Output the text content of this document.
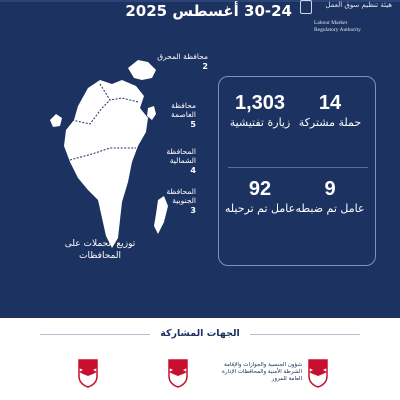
30-24 أغسطس 2025	هيئة تنظيم سوق العمل
Labour Market
Regulatory Authority
محافظة المحرق
2
محافظة العاصمة
5
المحافظة الشمالية
4
المحافظة الجنوبية
3
توزيع الحملات على المحافظات
14
حملة مشتركة
1,303
زيارة تفتيشية
9
عامل تم ضبطه
92
عامل تم ترحيله
الجهات المشاركة
شؤون الجنسية والجوازات والإقامة الشرطة الأمنية والمحافظات الإدارة العامة للمرور
